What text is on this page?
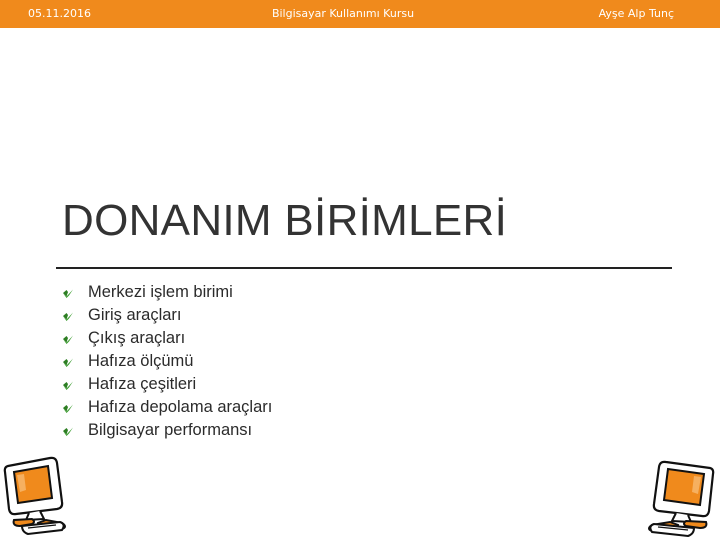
05.11.2016	Bilgisayar Kullanımı Kursu	Ayşe Alp Tunç
DONANIM BİRİMLERİ
Merkezi işlem birimi
Giriş araçları
Çıkış araçları
Hafıza ölçümü
Hafıza çeşitleri
Hafıza depolama araçları
Bilgisayar performansı
